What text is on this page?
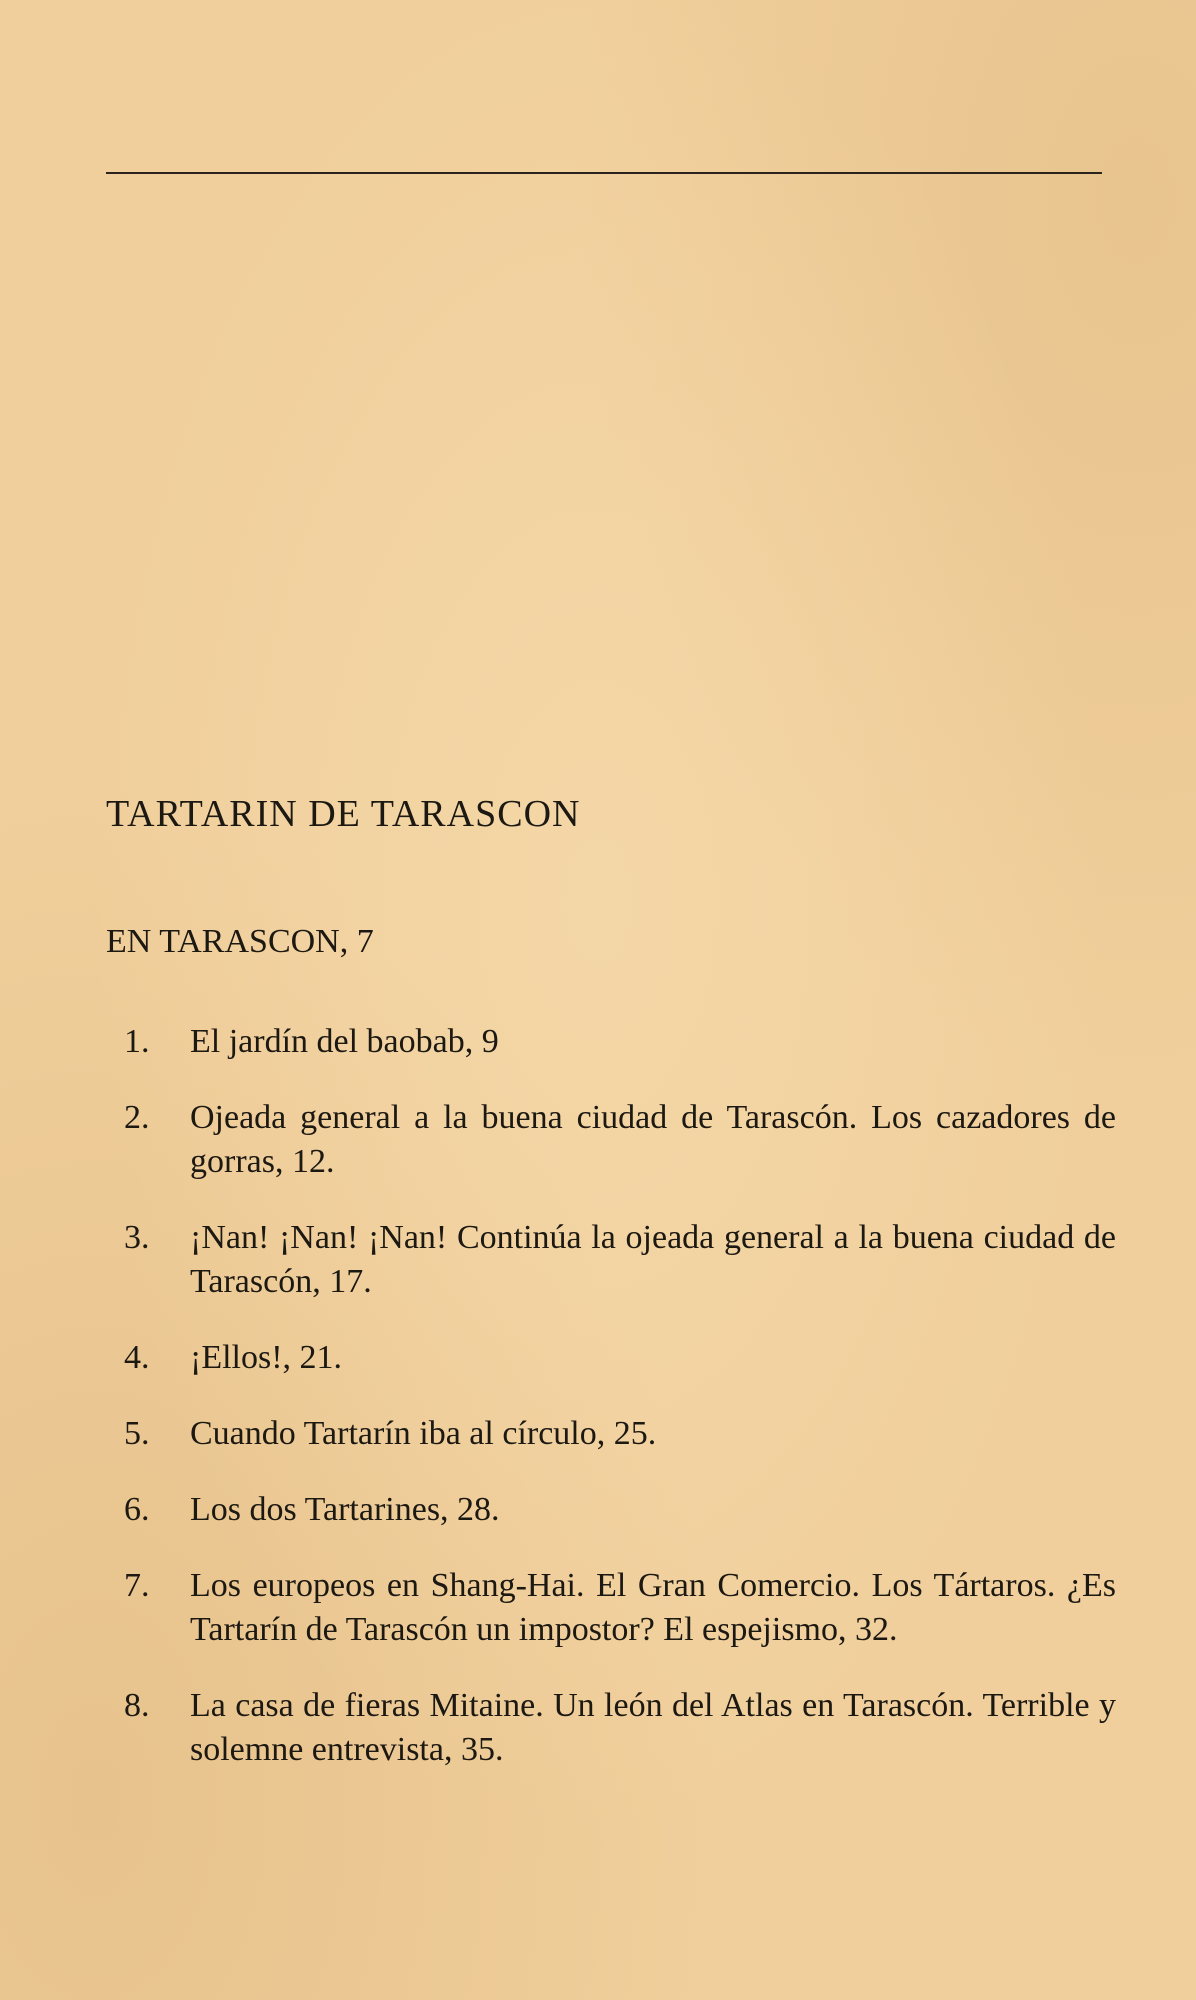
TARTARIN DE TARASCON
EN TARASCON, 7
1. El jardín del baobab, 9
2. Ojeada general a la buena ciudad de Tarascón. Los cazadores de gorras, 12.
3. ¡Nan! ¡Nan! ¡Nan! Continúa la ojeada general a la buena ciudad de Tarascón, 17.
4. ¡Ellos!, 21.
5. Cuando Tartarín iba al círculo, 25.
6. Los dos Tartarines, 28.
7. Los europeos en Shang-Hai. El Gran Comercio. Los Tártaros. ¿Es Tartarín de Tarascón un impostor? El espejismo, 32.
8. La casa de fieras Mitaine. Un león del Atlas en Tarascón. Terrible y solemne entrevista, 35.
